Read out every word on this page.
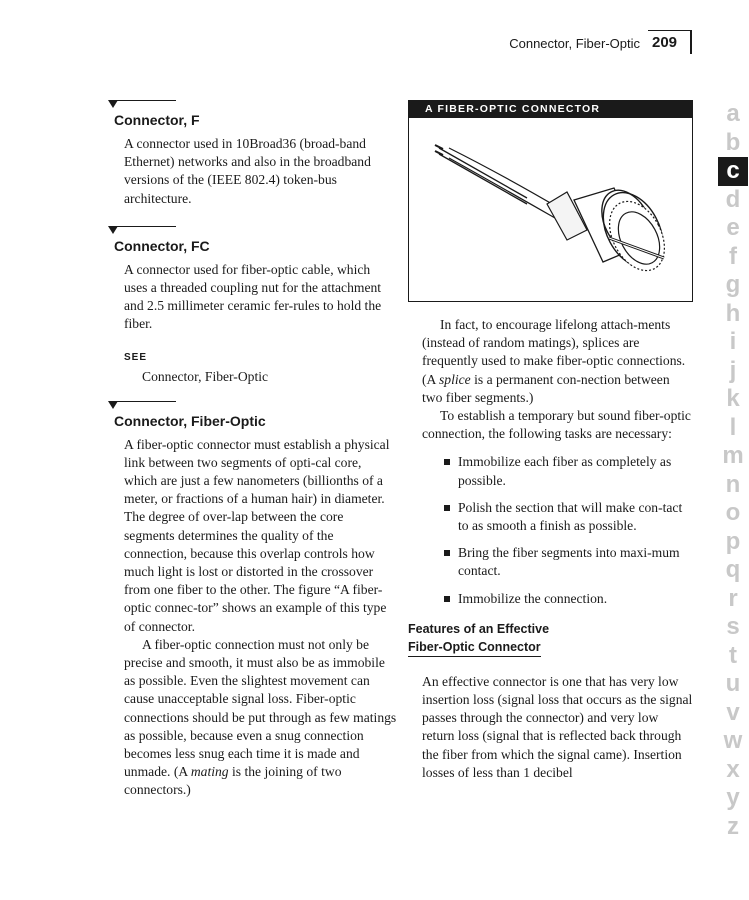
Connector, Fiber-Optic 209
Connector, F

A connector used in 10Broad36 (broad-band Ethernet) networks and also in the broadband versions of the (IEEE 802.4) token-bus architecture.

Connector, FC

A connector used for fiber-optic cable, which uses a threaded coupling nut for the attachment and 2.5 millimeter ceramic fer-rules to hold the fiber.

SEE

Connector, Fiber-Optic

Connector, Fiber-Optic

A fiber-optic connector must establish a physical link between two segments of opti-cal core, which are just a few nanometers (billionths of a meter, or fractions of a human hair) in diameter. The degree of over-lap between the core segments determines the quality of the connection, because this overlap controls how much light is lost or distorted in the crossover from one fiber to the other. The figure “A fiber-optic connec-tor” shows an example of this type of connector.

A fiber-optic connection must not only be precise and smooth, it must also be as immobile as possible. Even the slightest movement can cause unacceptable signal loss. Fiber-optic connections should be put through as few matings as possible, because even a snug connection becomes less snug each time it is made and unmade. (A mating is the joining of two connectors.)

A FIBER-OPTIC CONNECTOR

In fact, to encourage lifelong attach-ments (instead of random matings), splices are frequently used to make fiber-optic connections. (A splice is a permanent con-nection between two fiber segments.)

To establish a temporary but sound fiber-optic connection, the following tasks are necessary:

Immobilize each fiber as completely as possible.
Polish the section that will make con-tact to as smooth a finish as possible.
Bring the fiber segments into maxi-mum contact.
Immobilize the connection.
Features of an Effective
Fiber-Optic Connector

An effective connector is one that has very low insertion loss (signal loss that occurs as the signal passes through the connector) and very low return loss (signal that is reflected back through the fiber from which the signal came). Insertion losses of less than 1 decibel

a
b
c
d
e
f
g
h
i
j
k
l
m
n
o
p
q
r
s
t
u
v
w
x
y
z
